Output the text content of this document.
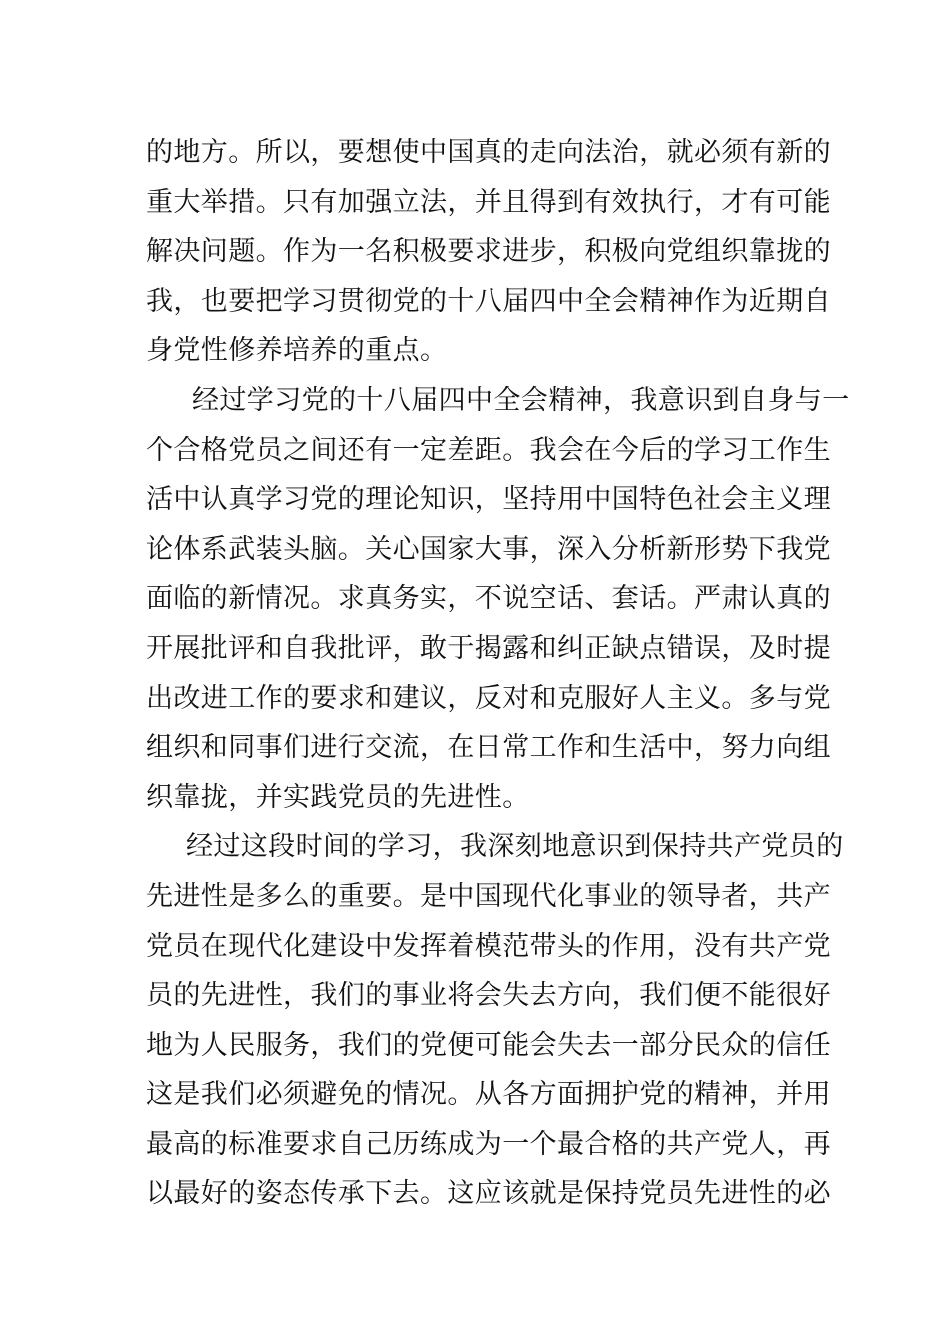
的地方。所以，要想使中国真的走向法治，就必须有新的
重大举措。只有加强立法，并且得到有效执行，才有可能
解决问题。作为一名积极要求进步，积极向党组织靠拢的
我，也要把学习贯彻党的十八届四中全会精神作为近期自
身党性修养培养的重点。
经过学习党的十八届四中全会精神，我意识到自身与一
个合格党员之间还有一定差距。我会在今后的学习工作生
活中认真学习党的理论知识，坚持用中国特色社会主义理
论体系武装头脑。关心国家大事，深入分析新形势下我党
面临的新情况。求真务实，不说空话、套话。严肃认真的
开展批评和自我批评，敢于揭露和纠正缺点错误，及时提
出改进工作的要求和建议，反对和克服好人主义。多与党
组织和同事们进行交流，在日常工作和生活中，努力向组
织靠拢，并实践党员的先进性。
经过这段时间的学习，我深刻地意识到保持共产党员的
先进性是多么的重要。是中国现代化事业的领导者，共产
党员在现代化建设中发挥着模范带头的作用，没有共产党
员的先进性，我们的事业将会失去方向，我们便不能很好
地为人民服务，我们的党便可能会失去一部分民众的信任
这是我们必须避免的情况。从各方面拥护党的精神，并用
最高的标准要求自己历练成为一个最合格的共产党人，再
以最好的姿态传承下去。这应该就是保持党员先进性的必
